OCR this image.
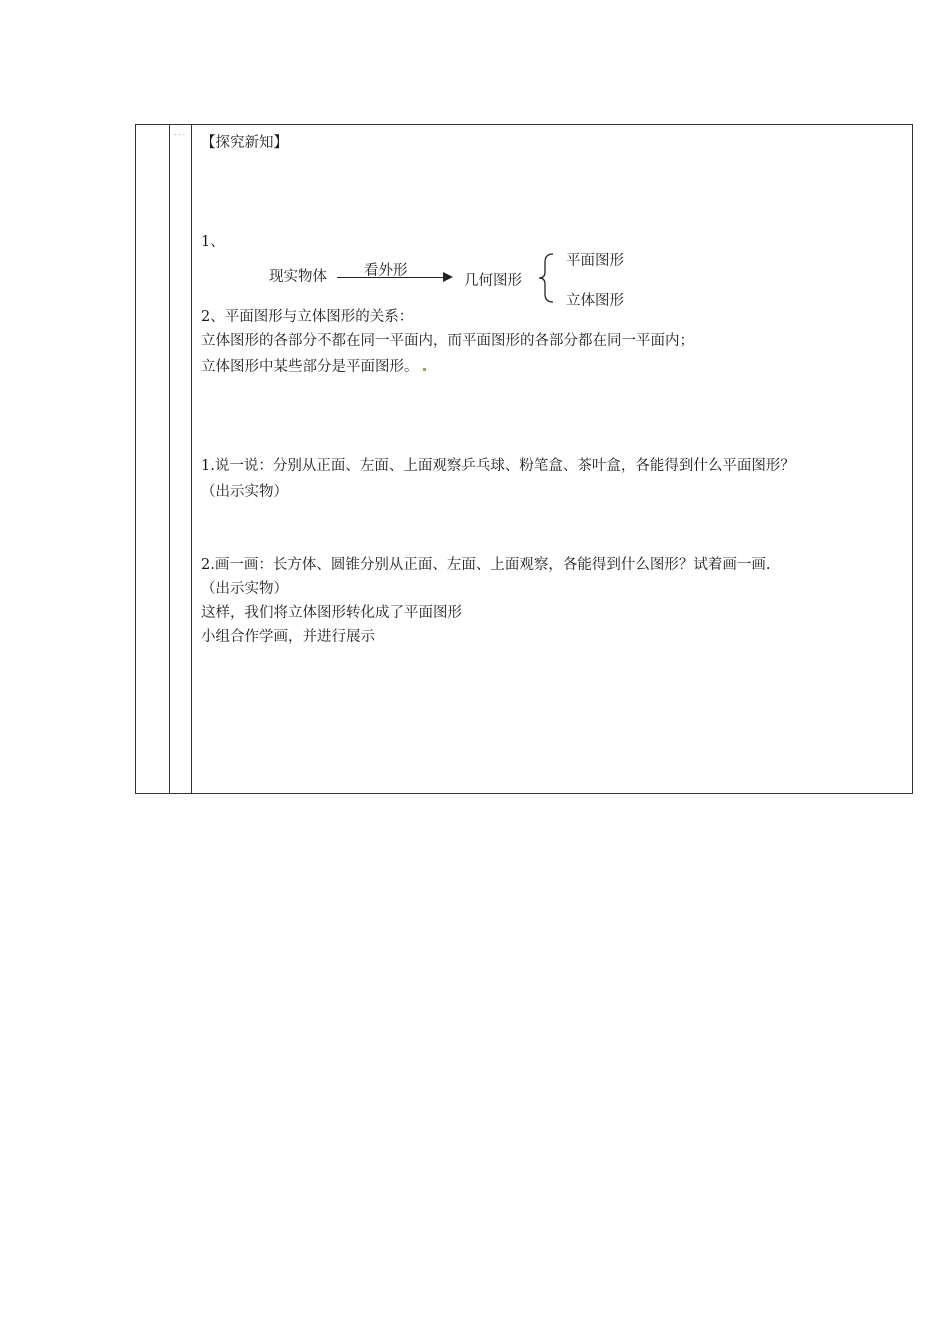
· · · 【探究新知】
1、
现实物体	看外形
几何图形
平面图形
立体图形
2、平面图形与立体图形的关系：
立体图形的各部分不都在同一平面内，而平面图形的各部分都在同一平面内；
立体图形中某些部分是平面图形。
1.说一说：分别从正面、左面、上面观察乒乓球、粉笔盒、茶叶盒，各能得到什么平面图形？
（出示实物）
2.画一画：长方体、圆锥分别从正面、左面、上面观察，各能得到什么图形？试着画一画.
（出示实物）
这样，我们将立体图形转化成了平面图形
小组合作学画，并进行展示
